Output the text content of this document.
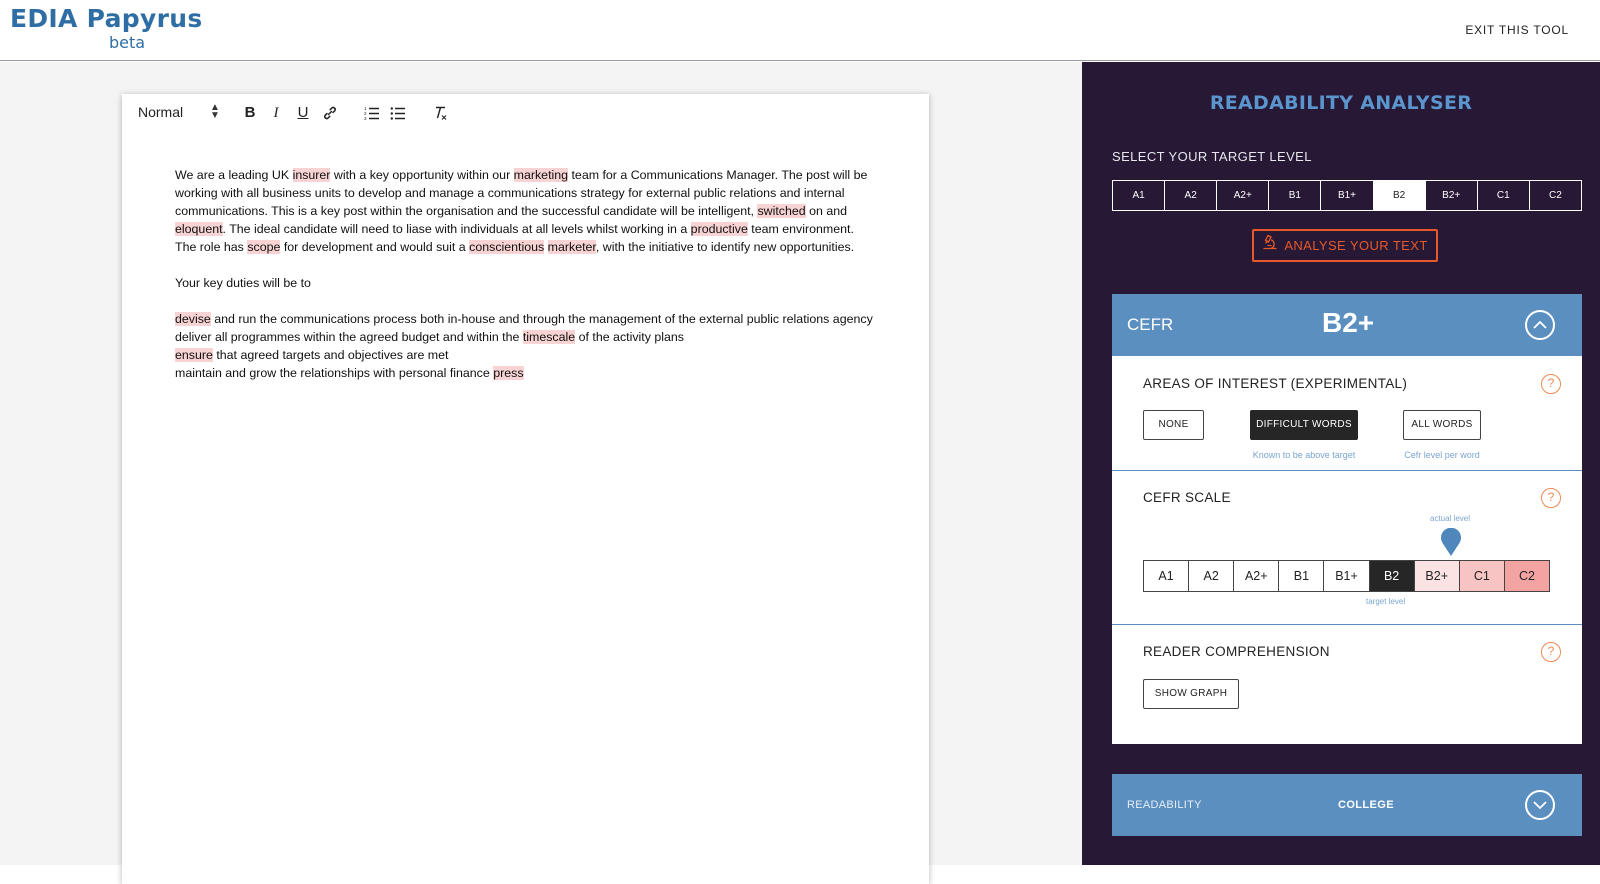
EDIA Papyrus
beta
EXIT THIS TOOL
Normal	▲
▼	B	I	U	1
2
3

We are a leading UK insurer with a key opportunity within our marketing team for a Communications Manager. The post will be working with all business units to develop and manage a communications strategy for external public relations and internal communications. This is a key post within the organisation and the successful candidate will be intelligent, switched on and eloquent. The ideal candidate will need to liase with individuals at all levels whilst working in a productive team environment. The role has scope for development and would suit a conscientious marketer, with the initiative to identify new opportunities.

Your key duties will be to

devise and run the communications process both in-house and through the management of the external public relations agency

deliver all programmes within the agreed budget and within the timescale of the activity plans

ensure that agreed targets and objectives are met

maintain and grow the relationships with personal finance press

READABILITY ANALYSER
SELECT YOUR TARGET LEVEL
A1	A2	A2+	B1	B1+	B2	B2+	C1	C2
ANALYSE YOUR TEXT
CEFR	B2+
AREAS OF INTEREST (EXPERIMENTAL)	?
NONE	DIFFICULT WORDS
Known to be above target
ALL WORDS
Cefr level per word
CEFR SCALE	?
actual level
A1	A2	A2+	B1	B1+	B2	B2+	C1	C2
target level
READER COMPREHENSION	?
SHOW GRAPH
READABILITY	COLLEGE
